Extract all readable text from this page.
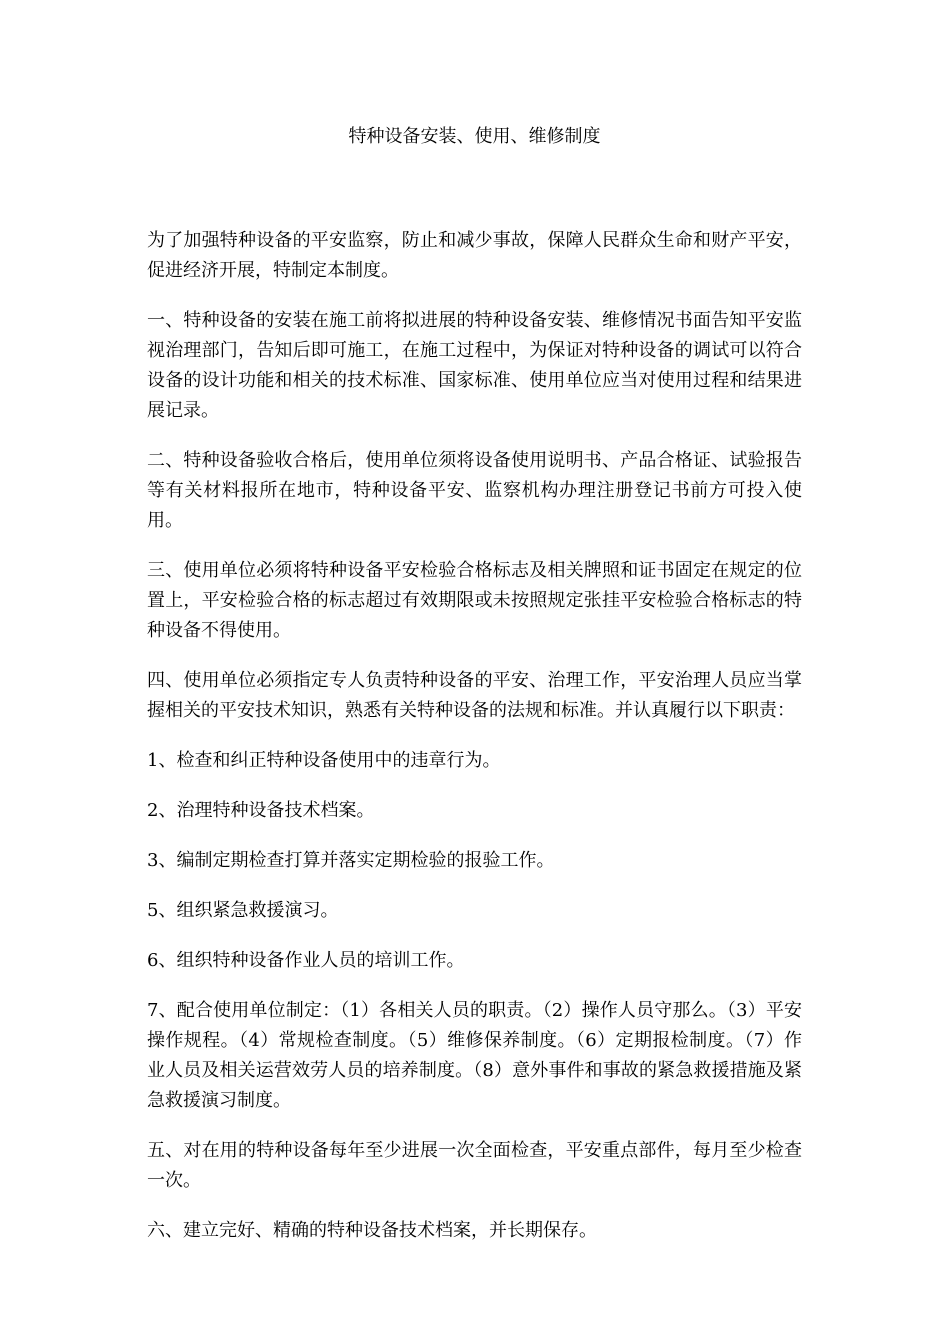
特种设备安装、使用、维修制度

为了加强特种设备的平安监察，防止和减少事故，保障人民群众生命和财产平安，促进经济开展，特制定本制度。

一、特种设备的安装在施工前将拟进展的特种设备安装、维修情况书面告知平安监视治理部门，告知后即可施工，在施工过程中，为保证对特种设备的调试可以符合设备的设计功能和相关的技术标准、国家标准、使用单位应当对使用过程和结果进展记录。

二、特种设备验收合格后，使用单位须将设备使用说明书、产品合格证、试验报告等有关材料报所在地市，特种设备平安、监察机构办理注册登记书前方可投入使用。

三、使用单位必须将特种设备平安检验合格标志及相关牌照和证书固定在规定的位置上，平安检验合格的标志超过有效期限或未按照规定张挂平安检验合格标志的特种设备不得使用。

四、使用单位必须指定专人负责特种设备的平安、治理工作，平安治理人员应当掌握相关的平安技术知识，熟悉有关特种设备的法规和标准。并认真履行以下职责：

1、检查和纠正特种设备使用中的违章行为。

2、治理特种设备技术档案。

3、编制定期检查打算并落实定期检验的报验工作。

5、组织紧急救援演习。

6、组织特种设备作业人员的培训工作。

7、配合使用单位制定：（1）各相关人员的职责。（2）操作人员守那么。（3）平安操作规程。（4）常规检查制度。（5）维修保养制度。（6）定期报检制度。（7）作业人员及相关运营效劳人员的培养制度。（8）意外事件和事故的紧急救援措施及紧急救援演习制度。

五、对在用的特种设备每年至少进展一次全面检查，平安重点部件，每月至少检查一次。

六、建立完好、精确的特种设备技术档案，并长期保存。
